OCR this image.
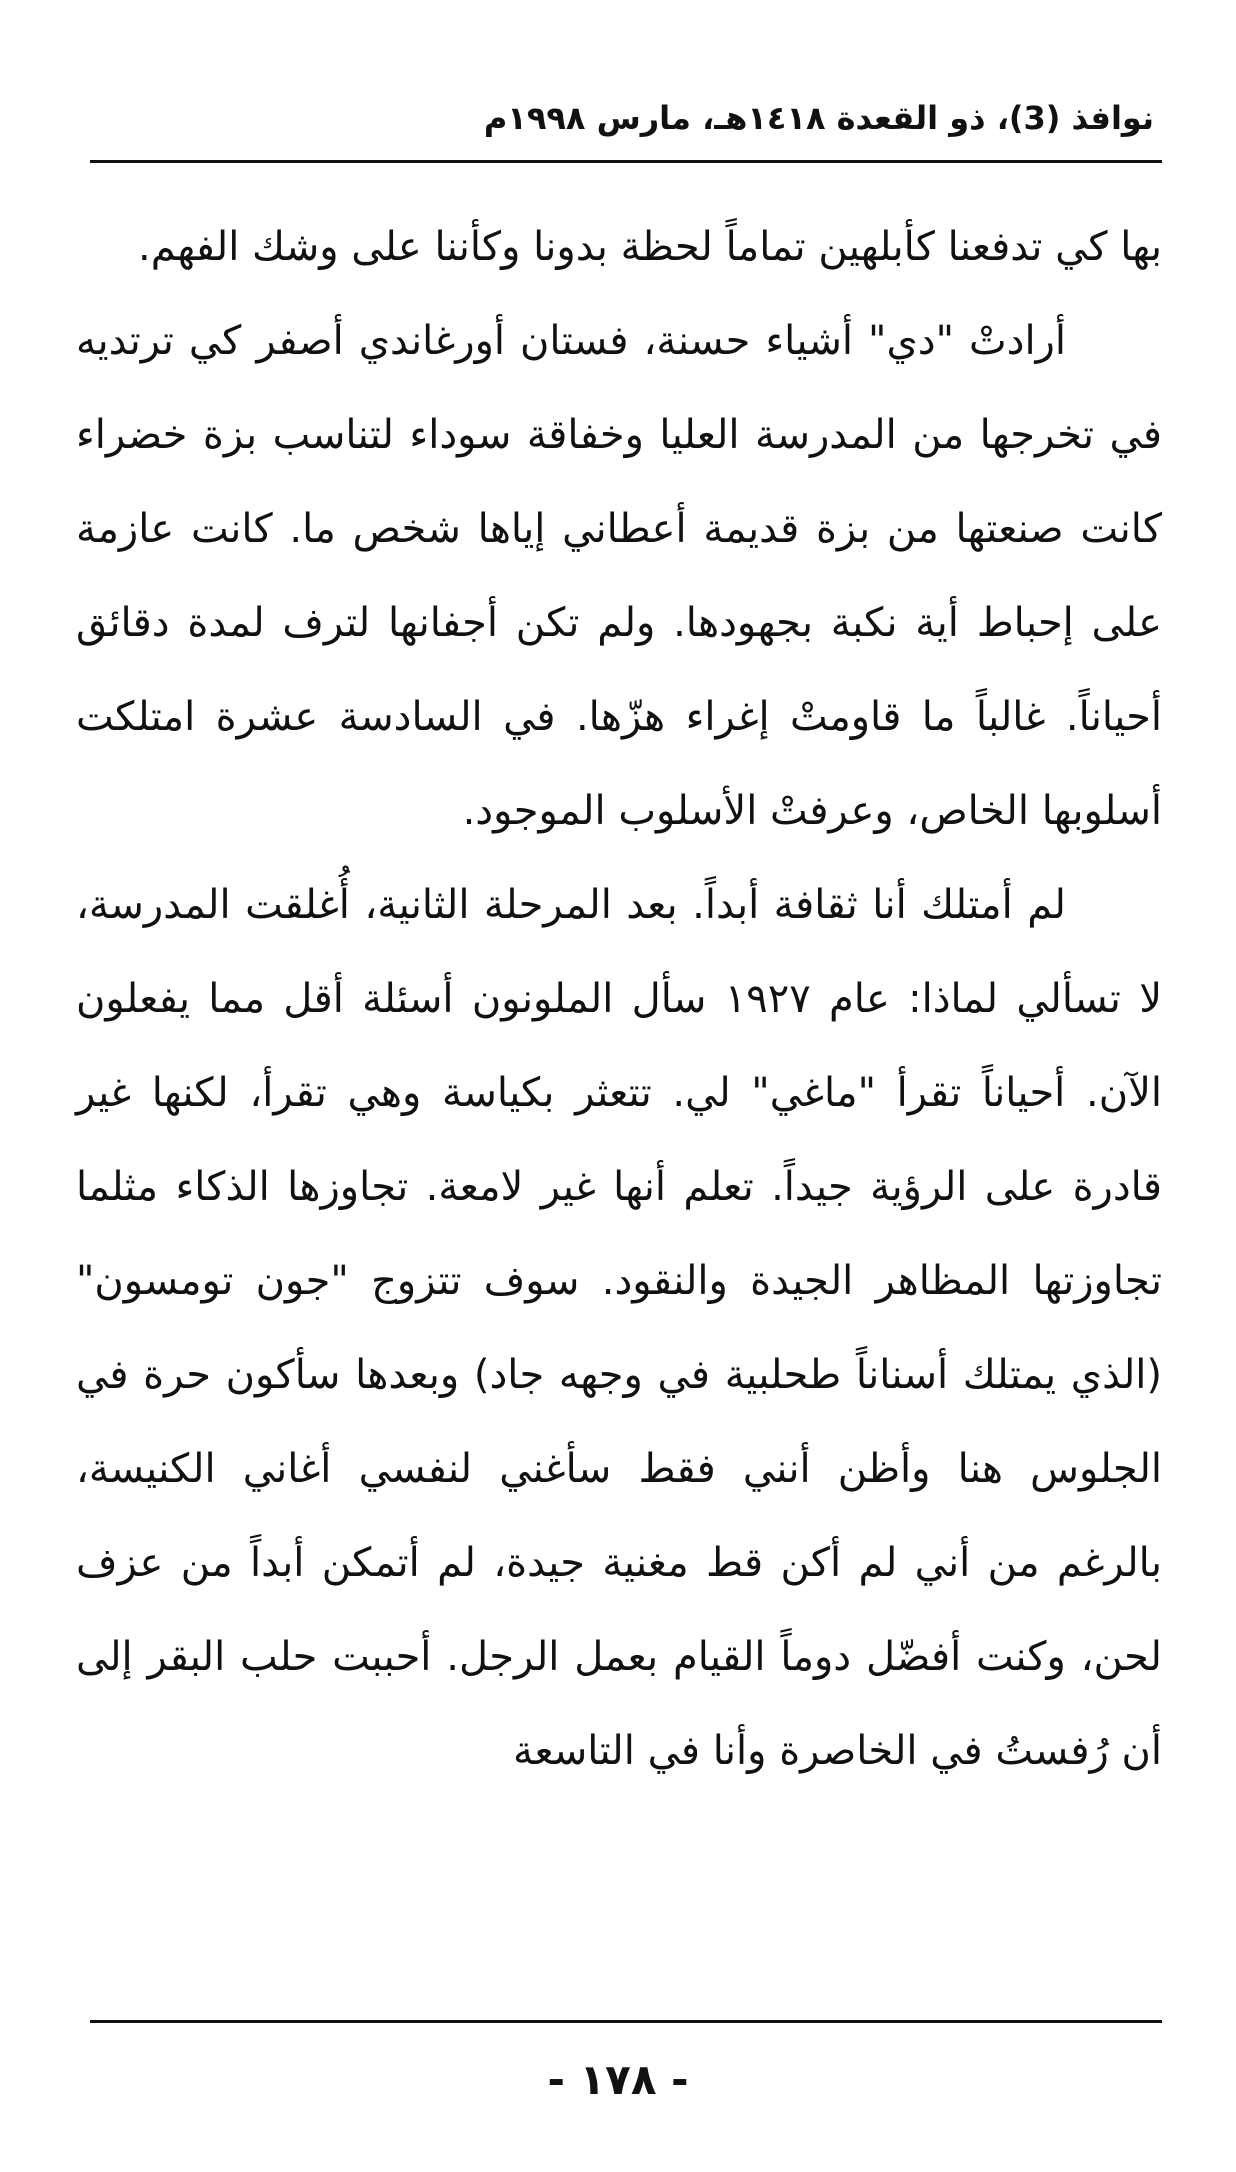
نوافذ (3)، ذو القعدة ١٤١٨هـ، مارس ١٩٩٨م

بها كي تدفعنا كأبلهين تماماً لحظة بدونا وكأننا على وشك الفهم.

أرادتْ "دي" أشياء حسنة، فستان أورغاندي أصفر كي ترتديه في تخرجها من المدرسة العليا وخفاقة سوداء لتناسب بزة خضراء كانت صنعتها من بزة قديمة أعطاني إياها شخص ما. كانت عازمة على إحباط أية نكبة بجهودها. ولم تكن أجفانها لترف لمدة دقائق أحياناً. غالباً ما قاومتْ إغراء هزّها. في السادسة عشرة امتلكت أسلوبها الخاص، وعرفتْ الأسلوب الموجود.

لم أمتلك أنا ثقافة أبداً. بعد المرحلة الثانية، أُغلقت المدرسة، لا تسألي لماذا: عام ١٩٢٧ سأل الملونون أسئلة أقل مما يفعلون الآن. أحياناً تقرأ "ماغي" لي. تتعثر بكياسة وهي تقرأ، لكنها غير قادرة على الرؤية جيداً. تعلم أنها غير لامعة. تجاوزها الذكاء مثلما تجاوزتها المظاهر الجيدة والنقود. سوف تتزوج "جون تومسون" (الذي يمتلك أسناناً طحلبية في وجهه جاد) وبعدها سأكون حرة في الجلوس هنا وأظن أنني فقط سأغني لنفسي أغاني الكنيسة، بالرغم من أني لم أكن قط مغنية جيدة، لم أتمكن أبداً من عزف لحن، وكنت أفضّل دوماً القيام بعمل الرجل. أحببت حلب البقر إلى أن رُفستُ في الخاصرة وأنا في التاسعة

- ١٧٨ -
